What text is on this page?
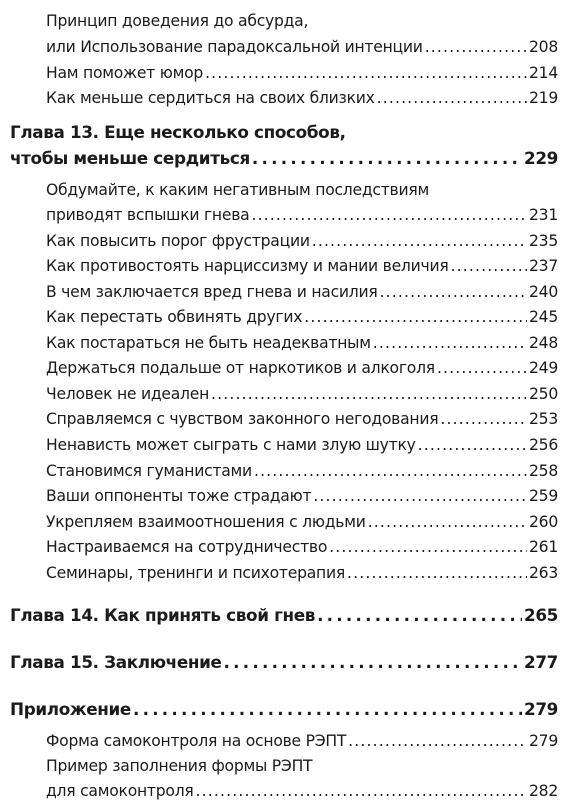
Принцип доведения до абсурда,
или Использование парадоксальной интенции . . .	208
Нам поможет юмор . . .	214
Как меньше сердиться на своих близких . . .	219
Глава 13. Еще несколько способов,
чтобы меньше сердиться . . .	229
Обдумайте, к каким негативным последствиям
приводят вспышки гнева . . .	231
Как повысить порог фрустрации . . .	235
Как противостоять нарциссизму и мании величия . . .	237
В чем заключается вред гнева и насилия . . .	240
Как перестать обвинять других . . .	245
Как постараться не быть неадекватным . . .	248
Держаться подальше от наркотиков и алкоголя . . .	249
Человек не идеален . . .	250
Справляемся с чувством законного негодования . . .	253
Ненависть может сыграть с нами злую шутку . . .	256
Становимся гуманистами . . .	258
Ваши оппоненты тоже страдают . . .	259
Укрепляем взаимоотношения с людьми . . .	260
Настраиваемся на сотрудничество . . .	261
Семинары, тренинги и психотерапия . . .	263
Глава 14. Как принять свой гнев . . .	265
Глава 15. Заключение . . .	277
Приложение . . .	279
Форма самоконтроля на основе РЭПТ . . .	279
Пример заполнения формы РЭПТ
для самоконтроля . . .	282
